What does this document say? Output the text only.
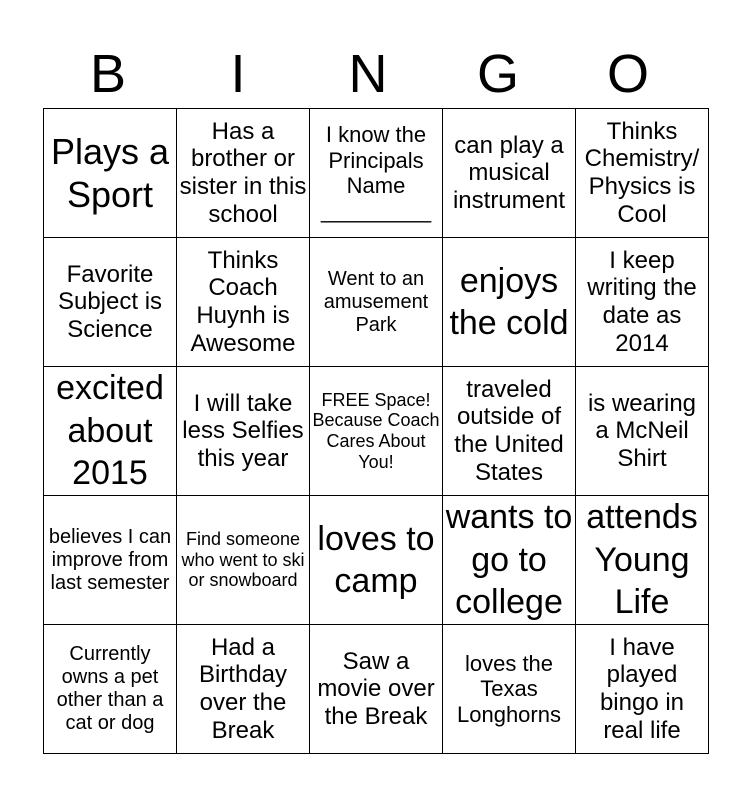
B	I	N	G	O
Plays a Sport	Has a brother or sister in this school	I know the Principals Name _________	can play a musical instrument	Thinks Chemistry/ Physics is Cool
Favorite Subject is Science	Thinks Coach Huynh is Awesome	Went to an amusement Park	enjoys the cold	I keep writing the date as 2014
excited about 2015	I will take less Selfies this year	FREE Space! Because Coach Cares About You!	traveled outside of the United States	is wearing a McNeil Shirt
believes I can improve from last semester	Find someone who went to ski or snowboard	loves to camp	wants to go to college	attends Young Life
Currently owns a pet other than a cat or dog	Had a Birthday over the Break	Saw a movie over the Break	loves the Texas Longhorns	I have played bingo in real life
